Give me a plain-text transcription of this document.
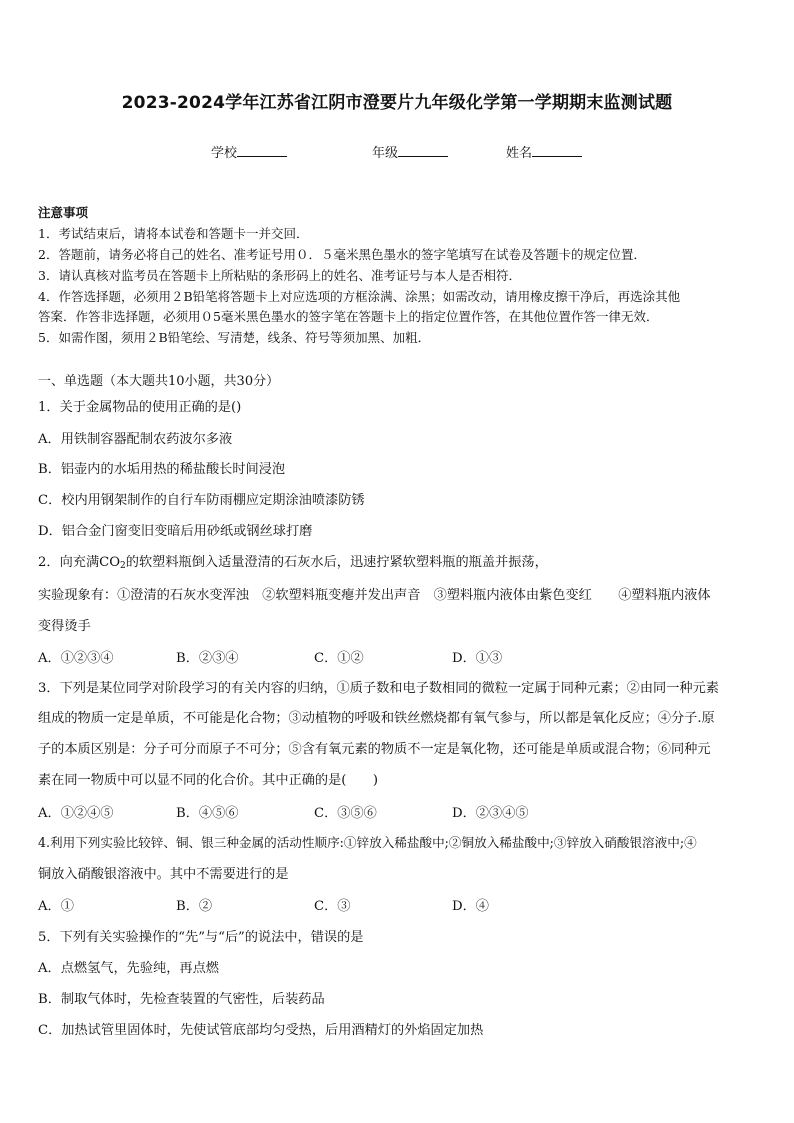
2023-2024学年江苏省江阴市澄要片九年级化学第一学期期末监测试题
学校	年级	姓名
注意事项
1．考试结束后，请将本试卷和答题卡一并交回．
2．答题前，请务必将自己的姓名、准考证号用０．５毫米黑色墨水的签字笔填写在试卷及答题卡的规定位置．
3．请认真核对监考员在答题卡上所粘贴的条形码上的姓名、准考证号与本人是否相符．
4．作答选择题，必须用２B铅笔将答题卡上对应选项的方框涂满、涂黑；如需改动，请用橡皮擦干净后，再选涂其他
答案．作答非选择题，必须用０5毫米黑色墨水的签字笔在答题卡上的指定位置作答，在其他位置作答一律无效．
5．如需作图，须用２B铅笔绘、写清楚，线条、符号等须加黑、加粗．
一、单选题（本大题共10小题，共30分）
1．关于金属物品的使用正确的是()
A．用铁制容器配制农药波尔多液
B．铝壶内的水垢用热的稀盐酸长时间浸泡
C．校内用钢架制作的自行车防雨棚应定期涂油喷漆防锈
D．铝合金门窗变旧变暗后用砂纸或钢丝球打磨
2．向充满$CO_2$的软塑料瓶倒入适量澄清的石灰水后，迅速拧紧软塑料瓶的瓶盖并振荡，
实验现象有：①澄清的石灰水变浑浊　②软塑料瓶变瘪并发出声音　③塑料瓶内液体由紫色变红　　④塑料瓶内液体
变得烫手
A．①②③④	B．②③④	C．①②	D．①③
3．下列是某位同学对阶段学习的有关内容的归纳，①质子数和电子数相同的微粒一定属于同种元素；②由同一种元素
组成的物质一定是单质，不可能是化合物；③动植物的呼吸和铁丝燃烧都有氧气参与，所以都是氧化反应；④分子.原
子的本质区别是：分子可分而原子不可分；⑤含有氧元素的物质不一定是氧化物，还可能是单质或混合物；⑥同种元
素在同一物质中可以显不同的化合价。其中正确的是(　　)
A．①②④⑤	B．④⑤⑥	C．③⑤⑥	D．②③④⑤
4.利用下列实验比较锌、铜、银三种金属的活动性顺序:①锌放入稀盐酸中;②铜放入稀盐酸中;③锌放入硝酸银溶液中;④
铜放入硝酸银溶液中。其中不需要进行的是
A．①	B．②	C．③	D．④
5．下列有关实验操作的“先”与“后”的说法中，错误的是
A．点燃氢气，先验纯，再点燃
B．制取气体时，先检查装置的气密性，后装药品
C．加热试管里固体时，先使试管底部均匀受热，后用酒精灯的外焰固定加热
